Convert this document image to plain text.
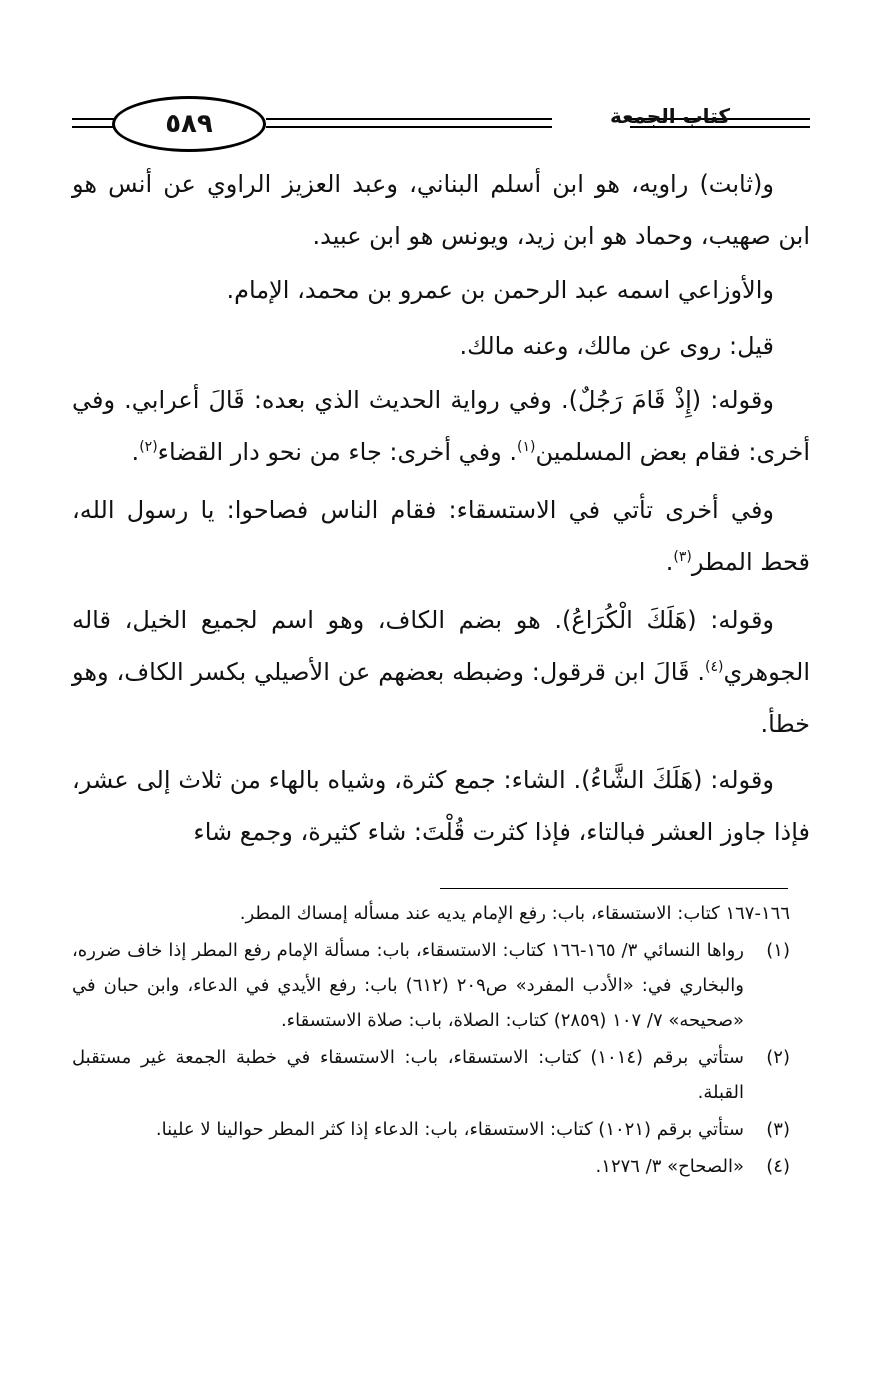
٥٨٩	كتاب الجمعة

و(ثابت) راويه، هو ابن أسلم البناني، وعبد العزيز الراوي عن أنس هو ابن صهيب، وحماد هو ابن زيد، ويونس هو ابن عبيد.

والأوزاعي اسمه عبد الرحمن بن عمرو بن محمد، الإمام.

قيل: روى عن مالك، وعنه مالك.

وقوله: (إِذْ قَامَ رَجُلٌ). وفي رواية الحديث الذي بعده: قَالَ أعرابي. وفي أخرى: فقام بعض المسلمين$^{(١)}$. وفي أخرى: جاء من نحو دار القضاء$^{(٢)}$.

وفي أخرى تأتي في الاستسقاء: فقام الناس فصاحوا: يا رسول الله، قحط المطر$^{(٣)}$.

وقوله: (هَلَكَ الْكُرَاعُ). هو بضم الكاف، وهو اسم لجميع الخيل، قاله الجوهري$^{(٤)}$. قَالَ ابن قرقول: وضبطه بعضهم عن الأصيلي بكسر الكاف، وهو خطأ.

وقوله: (هَلَكَ الشَّاءُ). الشاء: جمع كثرة، وشياه بالهاء من ثلاث إلى عشر، فإذا جاوز العشر فبالتاء، فإذا كثرت قُلْتَ: شاء كثيرة، وجمع شاء

١٦٦-١٦٧ كتاب: الاستسقاء، باب: رفع الإمام يديه عند مسأله إمساك المطر.

(١)
رواها النسائي ٣/ ١٦٥-١٦٦ كتاب: الاستسقاء، باب: مسألة الإمام رفع المطر إذا خاف ضرره، والبخاري في: «الأدب المفرد» ص٢٠٩ (٦١٢) باب: رفع الأيدي في الدعاء، وابن حبان في «صحيحه» ٧/ ١٠٧ (٢٨٥٩) كتاب: الصلاة، باب: صلاة الاستسقاء.
(٢)
ستأتي برقم (١٠١٤) كتاب: الاستسقاء، باب: الاستسقاء في خطبة الجمعة غير مستقبل القبلة.
(٣)
ستأتي برقم (١٠٢١) كتاب: الاستسقاء، باب: الدعاء إذا كثر المطر حوالينا لا علينا.
(٤)
«الصحاح» ٣/ ١٢٧٦.
